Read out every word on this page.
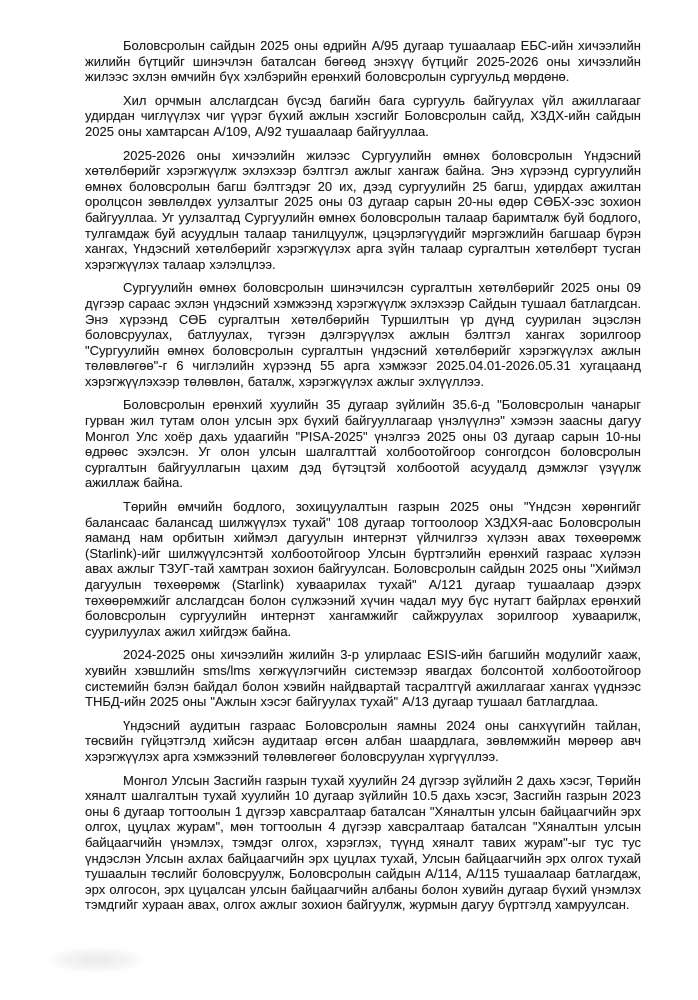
Боловсролын сайдын 2025 оны өдрийн А/95 дугаар тушаалаар ЕБС-ийн хичээлийн жилийн бүтцийг шинэчлэн баталсан бөгөөд энэхүү бүтцийг 2025-2026 оны хичээлийн жилээс эхлэн өмчийн бүх хэлбэрийн ерөнхий боловсролын сургуульд мөрдөнө.

Хил орчмын алслагдсан бүсэд багийн бага сургууль байгуулах үйл ажиллагааг удирдан чиглүүлэх чиг үүрэг бүхий ажлын хэсгийг Боловсролын сайд, ХЗДХ-ийн сайдын 2025 оны хамтарсан А/109, А/92 тушаалаар байгууллаа.

2025-2026 оны хичээлийн жилээс Сургуулийн өмнөх боловсролын Үндэсний хөтөлбөрийг хэрэгжүүлж эхлэхээр бэлтгэл ажлыг хангаж байна. Энэ хүрээнд сургуулийн өмнөх боловсролын багш бэлтгэдэг 20 их, дээд сургуулийн 25 багш, удирдах ажилтан оролцсон зөвлөлдөх уулзалтыг 2025 оны 03 дугаар сарын 20-ны өдөр СӨБХ-ээс зохион байгууллаа. Уг уулзалтад Сургуулийн өмнөх боловсролын талаар баримталж буй бодлого, тулгамдаж буй асуудлын талаар танилцуулж, цэцэрлэгүүдийг мэргэжлийн багшаар бүрэн хангах, Үндэсний хөтөлбөрийг хэрэгжүүлэх арга зүйн талаар сургалтын хөтөлбөрт тусган хэрэгжүүлэх талаар хэлэлцлээ.

Сургуулийн өмнөх боловсролын шинэчилсэн сургалтын хөтөлбөрийг 2025 оны 09 дүгээр сараас эхлэн үндэсний хэмжээнд хэрэгжүүлж эхлэхээр Сайдын тушаал батлагдсан. Энэ хүрээнд СӨБ сургалтын хөтөлбөрийн Туршилтын үр дүнд суурилан эцэслэн боловсруулах, батлуулах, түгээн дэлгэрүүлэх ажлын бэлтгэл хангах зорилгоор "Сургуулийн өмнөх боловсролын сургалтын үндэсний хөтөлбөрийг хэрэгжүүлэх ажлын төлөвлөгөө"-г 6 чиглэлийн хүрээнд 55 арга хэмжээг 2025.04.01-2026.05.31 хугацаанд хэрэгжүүлэхээр төлөвлөн, баталж, хэрэгжүүлэх ажлыг эхлүүллээ.

Боловсролын ерөнхий хуулийн 35 дугаар зүйлийн 35.6-д "Боловсролын чанарыг гурван жил тутам олон улсын эрх бүхий байгууллагаар үнэлүүлнэ" хэмээн заасны дагуу Монгол Улс хоёр дахь удаагийн "PISA-2025" үнэлгээ 2025 оны 03 дугаар сарын 10-ны өдрөөс эхэлсэн. Уг олон улсын шалгалттай холбоотойгоор сонгогдсон боловсролын сургалтын байгууллагын цахим дэд бүтэцтэй холбоотой асуудалд дэмжлэг үзүүлж ажиллаж байна.

Төрийн өмчийн бодлого, зохицуулалтын газрын 2025 оны "Үндсэн хөрөнгийг балансаас балансад шилжүүлэх тухай" 108 дугаар тогтоолоор ХЗДХЯ-аас Боловсролын яаманд нам орбитын хиймэл дагуулын интернэт үйлчилгээ хүлээн авах төхөөрөмж (Starlink)-ийг шилжүүлсэнтэй холбоотойгоор Улсын бүртгэлийн ерөнхий газраас хүлээн авах ажлыг ТЗУГ-тай хамтран зохион байгуулсан. Боловсролын сайдын 2025 оны "Хиймэл дагуулын төхөөрөмж (Starlink) хуваарилах тухай" А/121 дугаар тушаалаар дээрх төхөөрөмжийг алслагдсан болон сүлжээний хүчин чадал муу бүс нутагт байрлах ерөнхий боловсролын сургуулийн интернэт хангамжийг сайжруулах зорилгоор хуваарилж, суурилуулах ажил хийгдэж байна.

2024-2025 оны хичээлийн жилийн 3-р улирлаас ESIS-ийн багшийн модулийг хааж, хувийн хэвшлийн sms/lms хөгжүүлэгчийн системээр явагдах болсонтой холбоотойгоор системийн бэлэн байдал болон хэвийн найдвартай тасралтгүй ажиллагааг хангах үүднээс ТНБД-ийн 2025 оны "Ажлын хэсэг байгуулах тухай" А/13 дугаар тушаал батлагдлаа.

Үндэсний аудитын газраас Боловсролын яамны 2024 оны санхүүгийн тайлан, төсвийн гүйцэтгэлд хийсэн аудитаар өгсөн албан шаардлага, зөвлөмжийн мөрөөр авч хэрэгжүүлэх арга хэмжээний төлөвлөгөөг боловсруулан хүргүүллээ.

Монгол Улсын Засгийн газрын тухай хуулийн 24 дүгээр зүйлийн 2 дахь хэсэг, Төрийн хяналт шалгалтын тухай хуулийн 10 дугаар зүйлийн 10.5 дахь хэсэг, Засгийн газрын 2023 оны 6 дугаар тогтоолын 1 дүгээр хавсралтаар баталсан "Хяналтын улсын байцаагчийн эрх олгох, цуцлах журам", мөн тогтоолын 4 дүгээр хавсралтаар баталсан "Хяналтын улсын байцаагчийн үнэмлэх, тэмдэг олгох, хэрэглэх, түүнд хяналт тавих журам"-ыг тус тус үндэслэн Улсын ахлах байцаагчийн эрх цуцлах тухай, Улсын байцаагчийн эрх олгох тухай тушаалын төслийг боловсруулж, Боловсролын сайдын А/114, А/115 тушаалаар батлагдаж, эрх олгосон, эрх цуцалсан улсын байцаагчийн албаны болон хувийн дугаар бүхий үнэмлэх тэмдгийг хураан авах, олгох ажлыг зохион байгуулж, журмын дагуу бүртгэлд хамруулсан.
